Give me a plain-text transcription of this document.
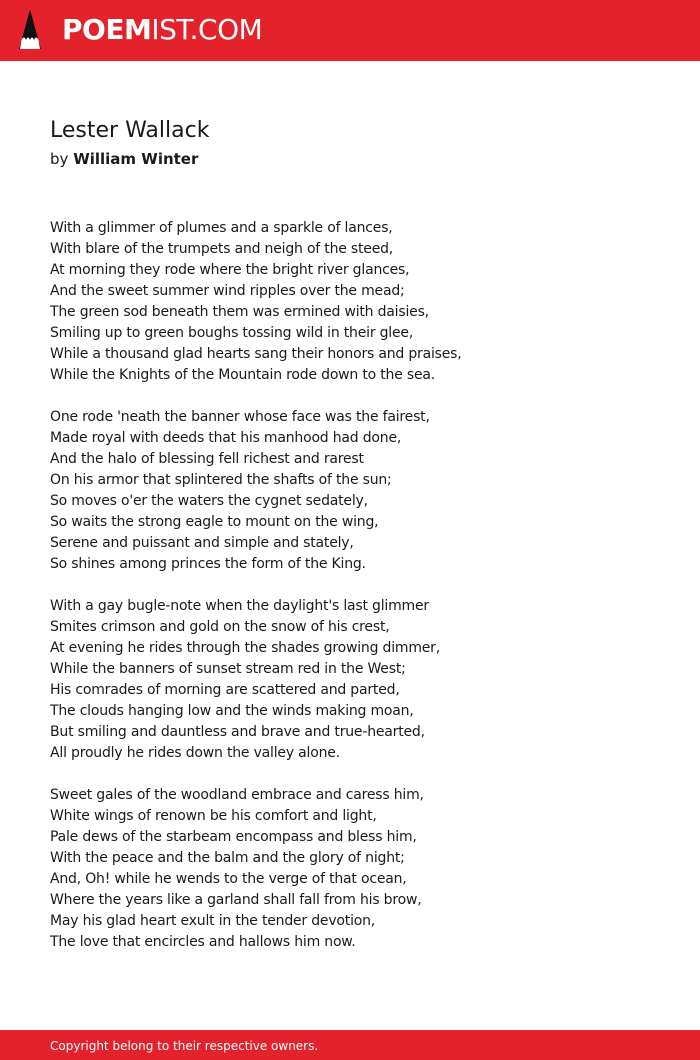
POEMIST.COM
Lester Wallack
by William Winter
With a glimmer of plumes and a sparkle of lances,
With blare of the trumpets and neigh of the steed,
At morning they rode where the bright river glances,
And the sweet summer wind ripples over the mead;
The green sod beneath them was ermined with daisies,
Smiling up to green boughs tossing wild in their glee,
While a thousand glad hearts sang their honors and praises,
While the Knights of the Mountain rode down to the sea.
One rode 'neath the banner whose face was the fairest,
Made royal with deeds that his manhood had done,
And the halo of blessing fell richest and rarest
On his armor that splintered the shafts of the sun;
So moves o'er the waters the cygnet sedately,
So waits the strong eagle to mount on the wing,
Serene and puissant and simple and stately,
So shines among princes the form of the King.
With a gay bugle-note when the daylight's last glimmer
Smites crimson and gold on the snow of his crest,
At evening he rides through the shades growing dimmer,
While the banners of sunset stream red in the West;
His comrades of morning are scattered and parted,
The clouds hanging low and the winds making moan,
But smiling and dauntless and brave and true-hearted,
All proudly he rides down the valley alone.
Sweet gales of the woodland embrace and caress him,
White wings of renown be his comfort and light,
Pale dews of the starbeam encompass and bless him,
With the peace and the balm and the glory of night;
And, Oh! while he wends to the verge of that ocean,
Where the years like a garland shall fall from his brow,
May his glad heart exult in the tender devotion,
The love that encircles and hallows him now.
Copyright belong to their respective owners.
